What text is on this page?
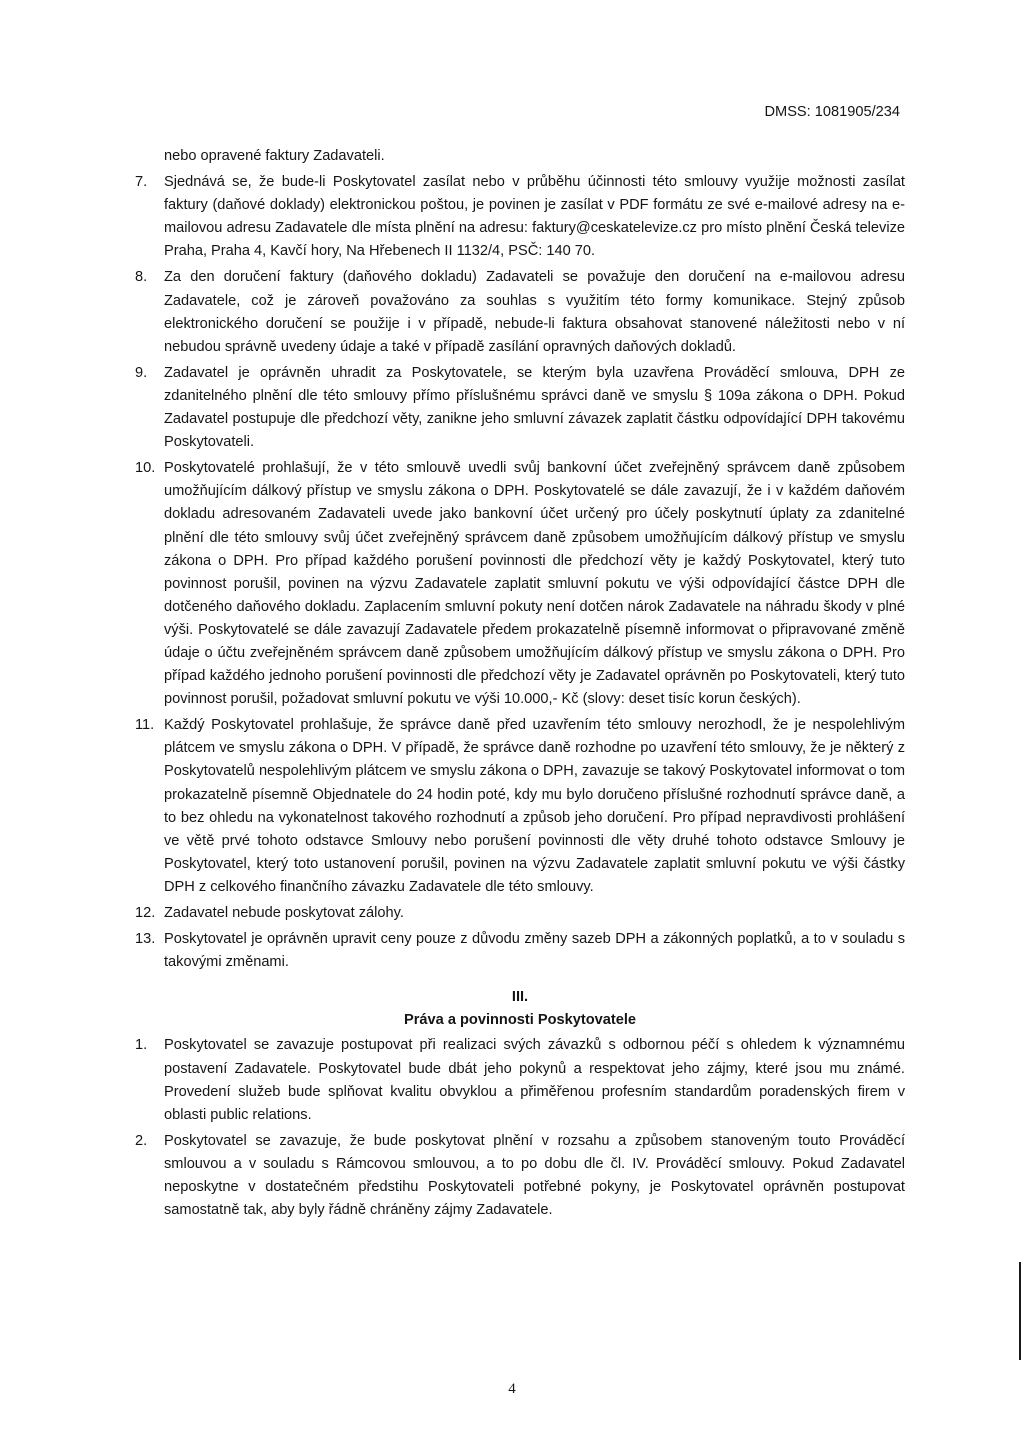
DMSS: 1081905/234
nebo opravené faktury Zadavateli.
7. Sjednává se, že bude-li Poskytovatel zasílat nebo v průběhu účinnosti této smlouvy využije možnosti zasílat faktury (daňové doklady) elektronickou poštou, je povinen je zasílat v PDF formátu ze své e-mailové adresy na e-mailovou adresu Zadavatele dle místa plnění na adresu: faktury@ceskatelevize.cz pro místo plnění Česká televize Praha, Praha 4, Kavčí hory, Na Hřebenech II 1132/4, PSČ: 140 70.
8. Za den doručení faktury (daňového dokladu) Zadavateli se považuje den doručení na e-mailovou adresu Zadavatele, což je zároveň považováno za souhlas s využitím této formy komunikace. Stejný způsob elektronického doručení se použije i v případě, nebude-li faktura obsahovat stanovené náležitosti nebo v ní nebudou správně uvedeny údaje a také v případě zasílání opravných daňových dokladů.
9. Zadavatel je oprávněn uhradit za Poskytovatele, se kterým byla uzavřena Prováděcí smlouva, DPH ze zdanitelného plnění dle této smlouvy přímo příslušnému správci daně ve smyslu § 109a zákona o DPH. Pokud Zadavatel postupuje dle předchozí věty, zanikne jeho smluvní závazek zaplatit částku odpovídající DPH takovému Poskytovateli.
10. Poskytovatelé prohlašují, že v této smlouvě uvedli svůj bankovní účet zveřejněný správcem daně způsobem umožňujícím dálkový přístup ve smyslu zákona o DPH. Poskytovatelé se dále zavazují, že i v každém daňovém dokladu adresovaném Zadavateli uvede jako bankovní účet určený pro účely poskytnutí úplaty za zdanitelné plnění dle této smlouvy svůj účet zveřejněný správcem daně způsobem umožňujícím dálkový přístup ve smyslu zákona o DPH. Pro případ každého porušení povinnosti dle předchozí věty je každý Poskytovatel, který tuto povinnost porušil, povinen na výzvu Zadavatele zaplatit smluvní pokutu ve výši odpovídající částce DPH dle dotčeného daňového dokladu. Zaplacením smluvní pokuty není dotčen nárok Zadavatele na náhradu škody v plné výši. Poskytovatelé se dále zavazují Zadavatele předem prokazatelně písemně informovat o připravované změně údaje o účtu zveřejněném správcem daně způsobem umožňujícím dálkový přístup ve smyslu zákona o DPH. Pro případ každého jednoho porušení povinnosti dle předchozí věty je Zadavatel oprávněn po Poskytovateli, který tuto povinnost porušil, požadovat smluvní pokutu ve výši 10.000,- Kč (slovy: deset tisíc korun českých).
11. Každý Poskytovatel prohlašuje, že správce daně před uzavřením této smlouvy nerozhodl, že je nespolehlivým plátcem ve smyslu zákona o DPH. V případě, že správce daně rozhodne po uzavření této smlouvy, že je některý z Poskytovatelů nespolehlivým plátcem ve smyslu zákona o DPH, zavazuje se takový Poskytovatel informovat o tom prokazatelně písemně Objednatele do 24 hodin poté, kdy mu bylo doručeno příslušné rozhodnutí správce daně, a to bez ohledu na vykonatelnost takového rozhodnutí a způsob jeho doručení. Pro případ nepravdivosti prohlášení ve větě prvé tohoto odstavce Smlouvy nebo porušení povinnosti dle věty druhé tohoto odstavce Smlouvy je Poskytovatel, který toto ustanovení porušil, povinen na výzvu Zadavatele zaplatit smluvní pokutu ve výši částky DPH z celkového finančního závazku Zadavatele dle této smlouvy.
12. Zadavatel nebude poskytovat zálohy.
13. Poskytovatel je oprávněn upravit ceny pouze z důvodu změny sazeb DPH a zákonných poplatků, a to v souladu s takovými změnami.
III.
Práva a povinnosti Poskytovatele
1. Poskytovatel se zavazuje postupovat při realizaci svých závazků s odbornou péčí s ohledem k významnému postavení Zadavatele. Poskytovatel bude dbát jeho pokynů a respektovat jeho zájmy, které jsou mu známé. Provedení služeb bude splňovat kvalitu obvyklou a přiměřenou profesním standardům poradenských firem v oblasti public relations.
2. Poskytovatel se zavazuje, že bude poskytovat plnění v rozsahu a způsobem stanoveným touto Prováděcí smlouvou a v souladu s Rámcovou smlouvou, a to po dobu dle čl. IV. Prováděcí smlouvy. Pokud Zadavatel neposkytne v dostatečném předstihu Poskytovateli potřebné pokyny, je Poskytovatel oprávněn postupovat samostatně tak, aby byly řádně chráněny zájmy Zadavatele.
4
